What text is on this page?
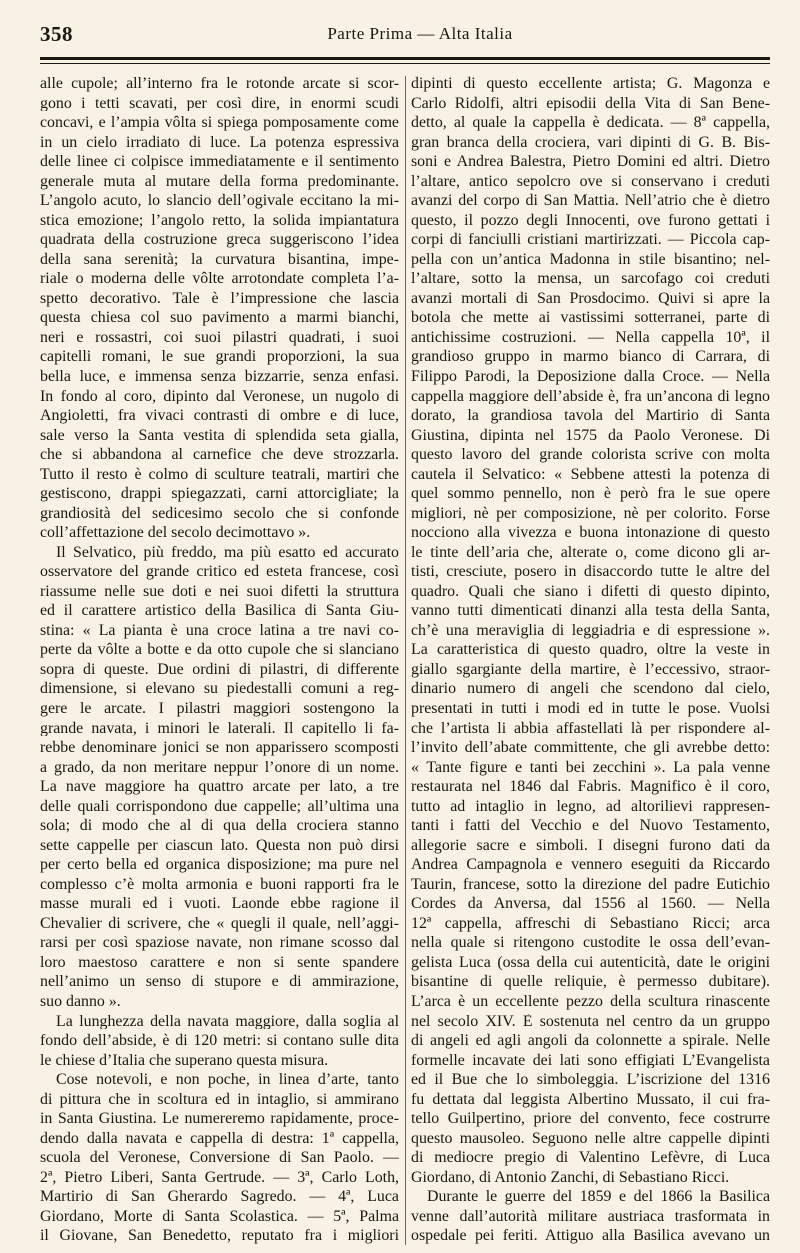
358	Parte Prima — Alta Italia
alle cupole; all’interno fra le rotonde arcate si scor-
gono i tetti scavati, per così dire, in enormi scudi
concavi, e l’ampia vôlta si spiega pomposamente come
in un cielo irradiato di luce. La potenza espressiva
delle linee ci colpisce immediatamente e il sentimento
generale muta al mutare della forma predominante.
L’angolo acuto, lo slancio dell’ogivale eccitano la mi-
stica emozione; l’angolo retto, la solida impiantatura
quadrata della costruzione greca suggeriscono l’idea
della sana serenità; la curvatura bisantina, impe-
riale o moderna delle vôlte arrotondate completa l’a-
spetto decorativo. Tale è l’impressione che lascia
questa chiesa col suo pavimento a marmi bianchi,
neri e rossastri, coi suoi pilastri quadrati, i suoi
capitelli romani, le sue grandi proporzioni, la sua
bella luce, e immensa senza bizzarrie, senza enfasi.
In fondo al coro, dipinto dal Veronese, un nugolo di
Angioletti, fra vivaci contrasti di ombre e di luce,
sale verso la Santa vestita di splendida seta gialla,
che si abbandona al carnefice che deve strozzarla.
Tutto il resto è colmo di sculture teatrali, martiri che
gestiscono, drappi spiegazzati, carni attorcigliate; la
grandiosità del sedicesimo secolo che si confonde
coll’affettazione del secolo decimottavo ».
Il Selvatico, più freddo, ma più esatto ed accurato
osservatore del grande critico ed esteta francese, così
riassume nelle sue doti e nei suoi difetti la struttura
ed il carattere artistico della Basilica di Santa Giu-
stina: « La pianta è una croce latina a tre navi co-
perte da vôlte a botte e da otto cupole che si slanciano
sopra di queste. Due ordini di pilastri, di differente
dimensione, si elevano su piedestalli comuni a reg-
gere le arcate. I pilastri maggiori sostengono la
grande navata, i minori le laterali. Il capitello li fa-
rebbe denominare jonici se non apparissero scomposti
a grado, da non meritare neppur l’onore di un nome.
La nave maggiore ha quattro arcate per lato, a tre
delle quali corrispondono due cappelle; all’ultima una
sola; di modo che al di qua della crociera stanno
sette cappelle per ciascun lato. Questa non può dirsi
per certo bella ed organica disposizione; ma pure nel
complesso c’è molta armonia e buoni rapporti fra le
masse murali ed i vuoti. Laonde ebbe ragione il
Chevalier di scrivere, che « quegli il quale, nell’aggi-
rarsi per così spaziose navate, non rimane scosso dal
loro maestoso carattere e non si sente spandere
nell’animo un senso di stupore e di ammirazione,
suo danno ».
La lunghezza della navata maggiore, dalla soglia al
fondo dell’abside, è di 120 metri: si contano sulle dita
le chiese d’Italia che superano questa misura.
Cose notevoli, e non poche, in linea d’arte, tanto
di pittura che in scoltura ed in intaglio, si ammirano
in Santa Giustina. Le numereremo rapidamente, proce-
dendo dalla navata e cappella di destra: 1ª cappella,
scuola del Veronese, Conversione di San Paolo. —
2ª, Pietro Liberi, Santa Gertrude. — 3ª, Carlo Loth,
Martirio di San Gherardo Sagredo. — 4ª, Luca
Giordano, Morte di Santa Scolastica. — 5ª, Palma
il Giovane, San Benedetto, reputato fra i migliori
dipinti di questo eccellente artista; G. Magonza e
Carlo Ridolfi, altri episodii della Vita di San Bene-
detto, al quale la cappella è dedicata. — 8ª cappella,
gran branca della crociera, vari dipinti di G. B. Bis-
soni e Andrea Balestra, Pietro Domini ed altri. Dietro
l’altare, antico sepolcro ove si conservano i creduti
avanzi del corpo di San Mattia. Nell’atrio che è dietro
questo, il pozzo degli Innocenti, ove furono gettati i
corpi di fanciulli cristiani martirizzati. — Piccola cap-
pella con un’antica Madonna in stile bisantino; nel-
l’altare, sotto la mensa, un sarcofago coi creduti
avanzi mortali di San Prosdocimo. Quivi si apre la
botola che mette ai vastissimi sotterranei, parte di
antichissime costruzioni. — Nella cappella 10ª, il
grandioso gruppo in marmo bianco di Carrara, di
Filippo Parodi, la Deposizione dalla Croce. — Nella
cappella maggiore dell’abside è, fra un’ancona di legno
dorato, la grandiosa tavola del Martirio di Santa
Giustina, dipinta nel 1575 da Paolo Veronese. Di
questo lavoro del grande colorista scrive con molta
cautela il Selvatico: « Sebbene attesti la potenza di
quel sommo pennello, non è però fra le sue opere
migliori, nè per composizione, nè per colorito. Forse
nocciono alla vivezza e buona intonazione di questo
le tinte dell’aria che, alterate o, come dicono gli ar-
tisti, cresciute, posero in disaccordo tutte le altre del
quadro. Quali che siano i difetti di questo dipinto,
vanno tutti dimenticati dinanzi alla testa della Santa,
ch’è una meraviglia di leggiadria e di espressione ».
La caratteristica di questo quadro, oltre la veste in
giallo sgargiante della martire, è l’eccessivo, straor-
dinario numero di angeli che scendono dal cielo,
presentati in tutti i modi ed in tutte le pose. Vuolsi
che l’artista li abbia affastellati là per rispondere al-
l’invito dell’abate committente, che gli avrebbe detto:
« Tante figure e tanti bei zecchini ». La pala venne
restaurata nel 1846 dal Fabris. Magnifico è il coro,
tutto ad intaglio in legno, ad altorilievi rappresen-
tanti i fatti del Vecchio e del Nuovo Testamento,
allegorie sacre e simboli. I disegni furono dati da
Andrea Campagnola e vennero eseguiti da Riccardo
Taurin, francese, sotto la direzione del padre Eutichio
Cordes da Anversa, dal 1556 al 1560. — Nella
12ª cappella, affreschi di Sebastiano Ricci; arca
nella quale si ritengono custodite le ossa dell’evan-
gelista Luca (ossa della cui autenticità, date le origini
bisantine di quelle reliquie, è permesso dubitare).
L’arca è un eccellente pezzo della scultura rinascente
nel secolo XIV. È sostenuta nel centro da un gruppo
di angeli ed agli angoli da colonnette a spirale. Nelle
formelle incavate dei lati sono effigiati L’Evangelista
ed il Bue che lo simboleggia. L’iscrizione del 1316
fu dettata dal leggista Albertino Mussato, il cui fra-
tello Guilpertino, priore del convento, fece costrurre
questo mausoleo. Seguono nelle altre cappelle dipinti
di mediocre pregio di Valentino Lefèvre, di Luca
Giordano, di Antonio Zanchi, di Sebastiano Ricci.
Durante le guerre del 1859 e del 1866 la Basilica
venne dall’autorità militare austriaca trasformata in
ospedale pei feriti. Attiguo alla Basilica avevano un
